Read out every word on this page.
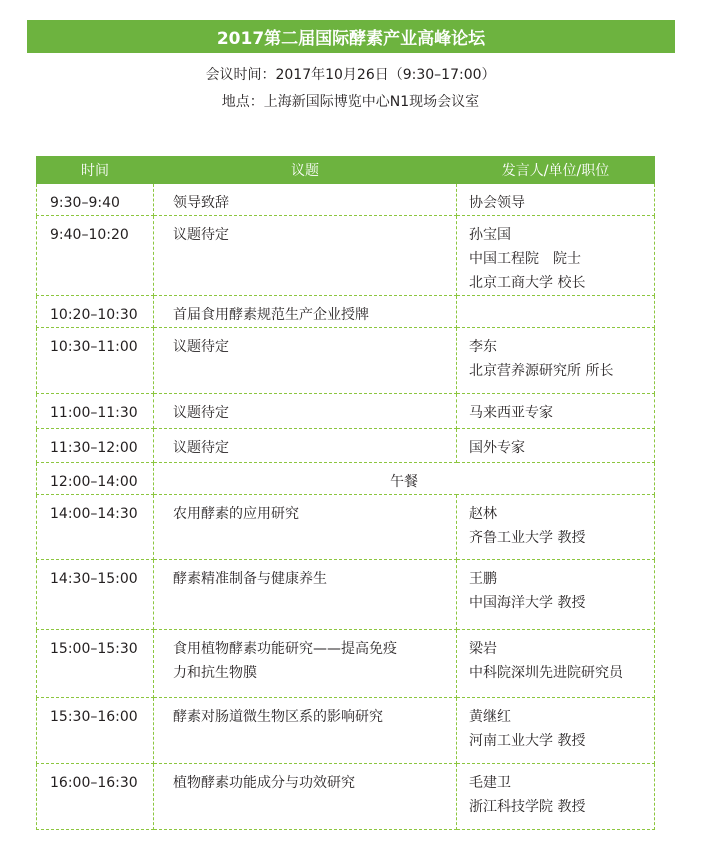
2017第二届国际酵素产业高峰论坛
会议时间：2017年10月26日（9:30–17:00）
地点：上海新国际博览中心N1现场会议室
时间	议题	发言人/单位/职位
9:30–9:40	领导致辞	协会领导

9:40–10:20	议题待定	孙宝国
中国工程院　院士
北京工商大学 校长

10:20–10:30	首届食用酵素规范生产企业授牌	

10:30–11:00	议题待定	李东
北京营养源研究所 所长

11:00–11:30	议题待定	马来西亚专家

11:30–12:00	议题待定	国外专家

12:00–14:00	午餐	
14:00–14:30	农用酵素的应用研究	赵林
齐鲁工业大学 教授

14:30–15:00	酵素精准制备与健康养生	王鹏
中国海洋大学 教授

15:00–15:30	食用植物酵素功能研究——提高免疫
力和抗生物膜	梁岩
中科院深圳先进院研究员

15:30–16:00	酵素对肠道微生物区系的影响研究	黄继红
河南工业大学 教授

16:00–16:30	植物酵素功能成分与功效研究	毛建卫
浙江科技学院 教授
